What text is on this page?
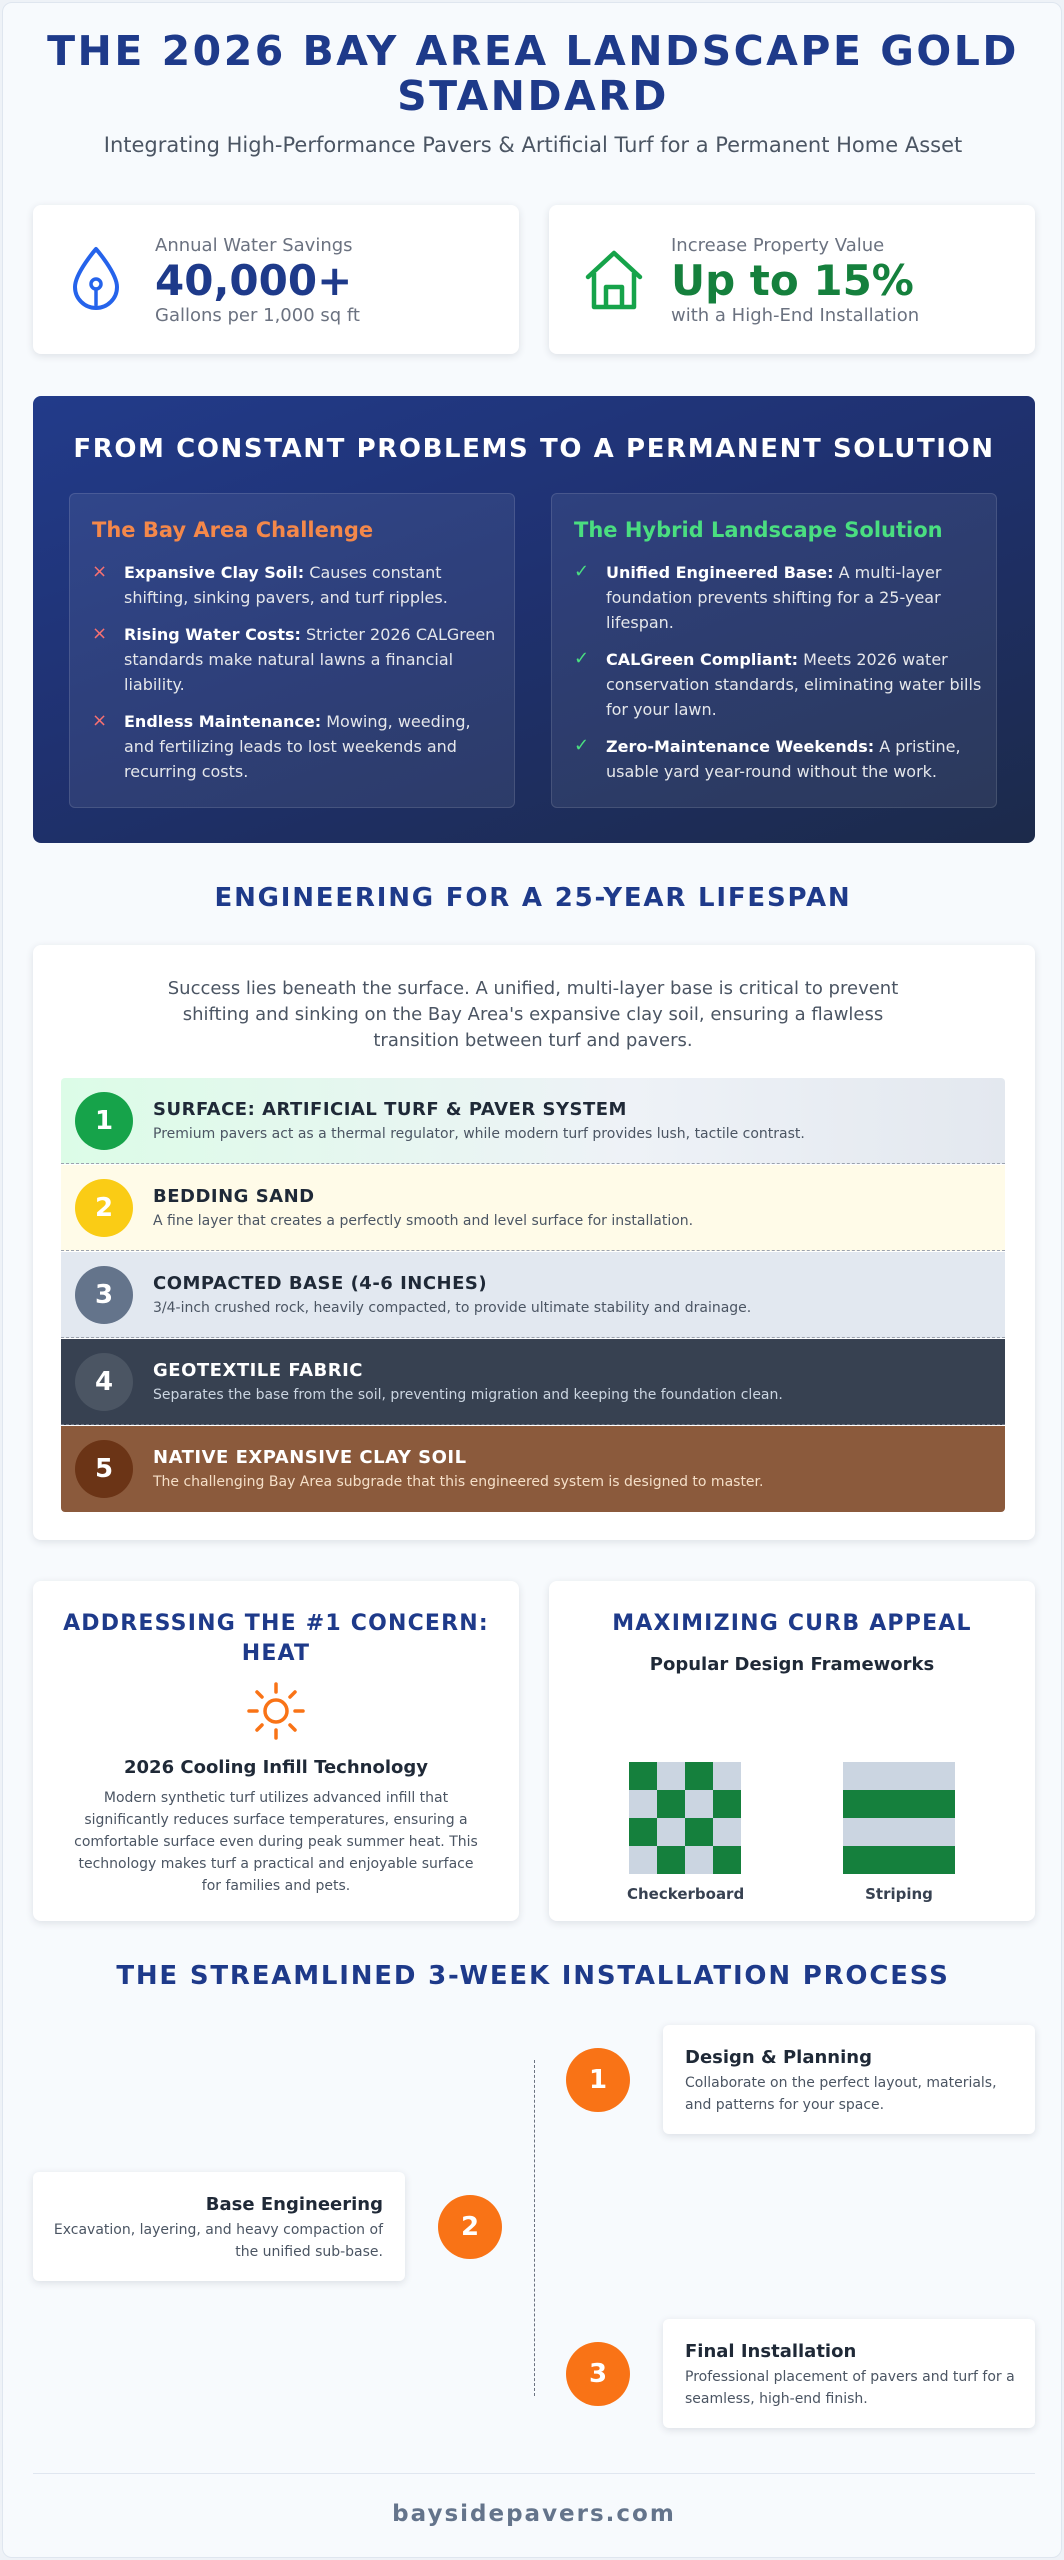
THE 2026 BAY AREA LANDSCAPE GOLD STANDARD
Integrating High-Performance Pavers & Artificial Turf for a Permanent Home Asset
Annual Water Savings
40,000+
Gallons per 1,000 sq ft
Increase Property Value
Up to 15%
with a High-End Installation
FROM CONSTANT PROBLEMS TO A PERMANENT SOLUTION
The Bay Area Challenge
× Expansive Clay Soil: Causes constant shifting, sinking pavers, and turf ripples.
× Rising Water Costs: Stricter 2026 CALGreen standards make natural lawns a financial liability.
× Endless Maintenance: Mowing, weeding, and fertilizing leads to lost weekends and recurring costs.
The Hybrid Landscape Solution
✓ Unified Engineered Base: A multi-layer foundation prevents shifting for a 25-year lifespan.
✓ CALGreen Compliant: Meets 2026 water conservation standards, eliminating water bills for your lawn.
✓ Zero-Maintenance Weekends: A pristine, usable yard year-round without the work.
ENGINEERING FOR A 25-YEAR LIFESPAN
Success lies beneath the surface. A unified, multi-layer base is critical to prevent shifting and sinking on the Bay Area's expansive clay soil, ensuring a flawless transition between turf and pavers.
1	SURFACE: ARTIFICIAL TURF & PAVER SYSTEM
Premium pavers act as a thermal regulator, while modern turf provides lush, tactile contrast.
2	BEDDING SAND
A fine layer that creates a perfectly smooth and level surface for installation.
3	COMPACTED BASE (4-6 INCHES)
3/4-inch crushed rock, heavily compacted, to provide ultimate stability and drainage.
4	GEOTEXTILE FABRIC
Separates the base from the soil, preventing migration and keeping the foundation clean.
5	NATIVE EXPANSIVE CLAY SOIL
The challenging Bay Area subgrade that this engineered system is designed to master.
ADDRESSING THE #1 CONCERN: HEAT
2026 Cooling Infill Technology
Modern synthetic turf utilizes advanced infill that significantly reduces surface temperatures, ensuring a comfortable surface even during peak summer heat. This technology makes turf a practical and enjoyable surface for families and pets.
MAXIMIZING CURB APPEAL
Popular Design Frameworks
Checkerboard	Striping
THE STREAMLINED 3-WEEK INSTALLATION PROCESS
Design & Planning
Collaborate on the perfect layout, materials, and patterns for your space.
1
Base Engineering
Excavation, layering, and heavy compaction of the unified sub-base.
2
Final Installation
Professional placement of pavers and turf for a seamless, high-end finish.
3
baysidepavers.com
